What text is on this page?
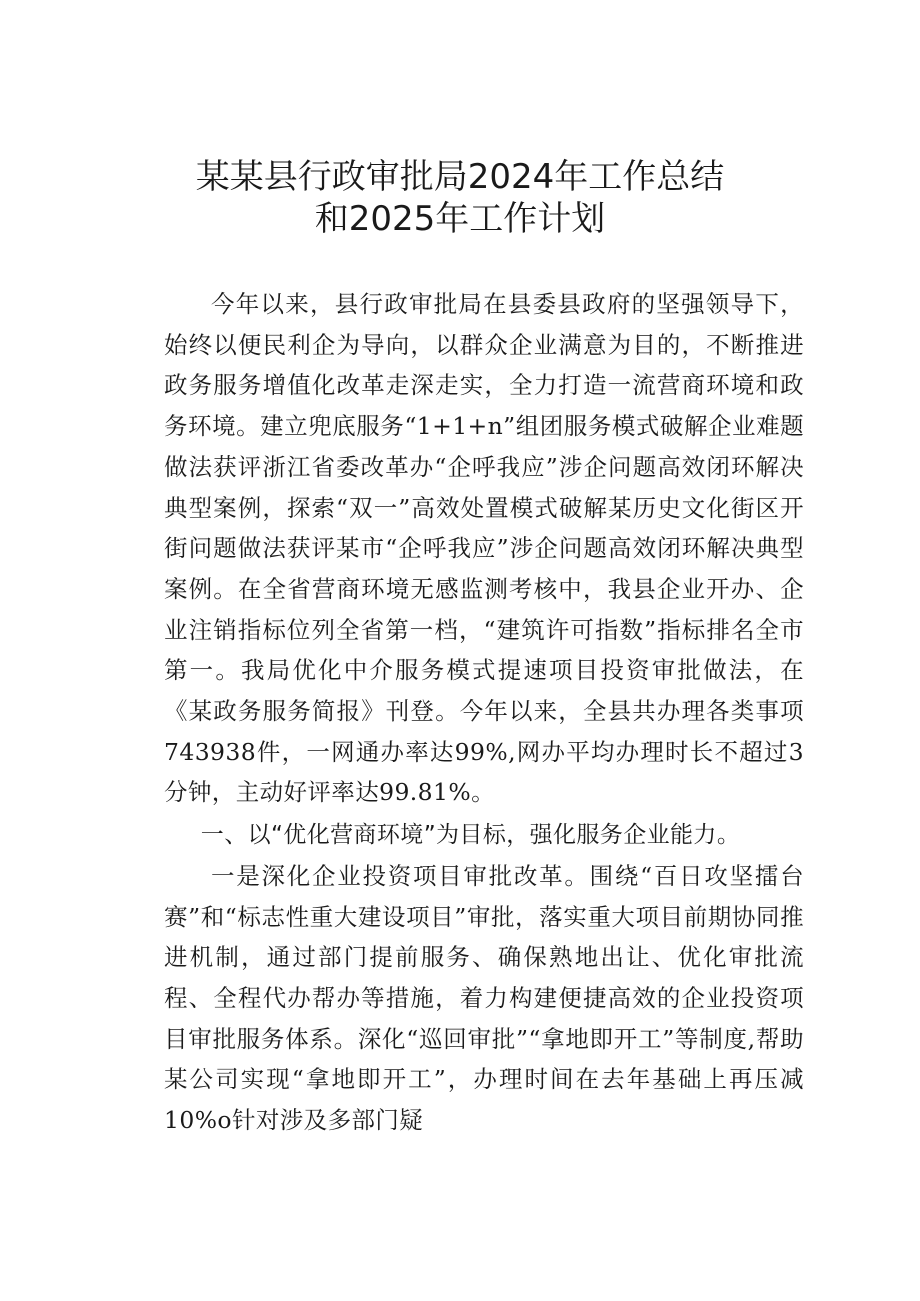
某某县行政审批局2024年工作总结
和2025年工作计划

今年以来，县行政审批局在县委县政府的坚强领导下，始终以便民利企为导向，以群众企业满意为目的，不断推进政务服务增值化改革走深走实，全力打造一流营商环境和政务环境。建立兜底服务“1+1+n”组团服务模式破解企业难题做法获评浙江省委改革办“企呼我应”涉企问题高效闭环解决典型案例，探索“双一”高效处置模式破解某历史文化街区开街问题做法获评某市“企呼我应”涉企问题高效闭环解决典型案例。在全省营商环境无感监测考核中，我县企业开办、企业注销指标位列全省第一档，“建筑许可指数”指标排名全市第一。我局优化中介服务模式提速项目投资审批做法，在《某政务服务简报》刊登。今年以来，全县共办理各类事项743938件，一网通办率达99%,网办平均办理时长不超过3分钟，主动好评率达99.81%。

一、以“优化营商环境”为目标，强化服务企业能力。

一是深化企业投资项目审批改革。围绕“百日攻坚擂台赛”和“标志性重大建设项目”审批，落实重大项目前期协同推进机制，通过部门提前服务、确保熟地出让、优化审批流程、全程代办帮办等措施，着力构建便捷高效的企业投资项目审批服务体系。深化“巡回审批”“拿地即开工”等制度,帮助某公司实现“拿地即开工”，办理时间在去年基础上再压减10%o针对涉及多部门疑
